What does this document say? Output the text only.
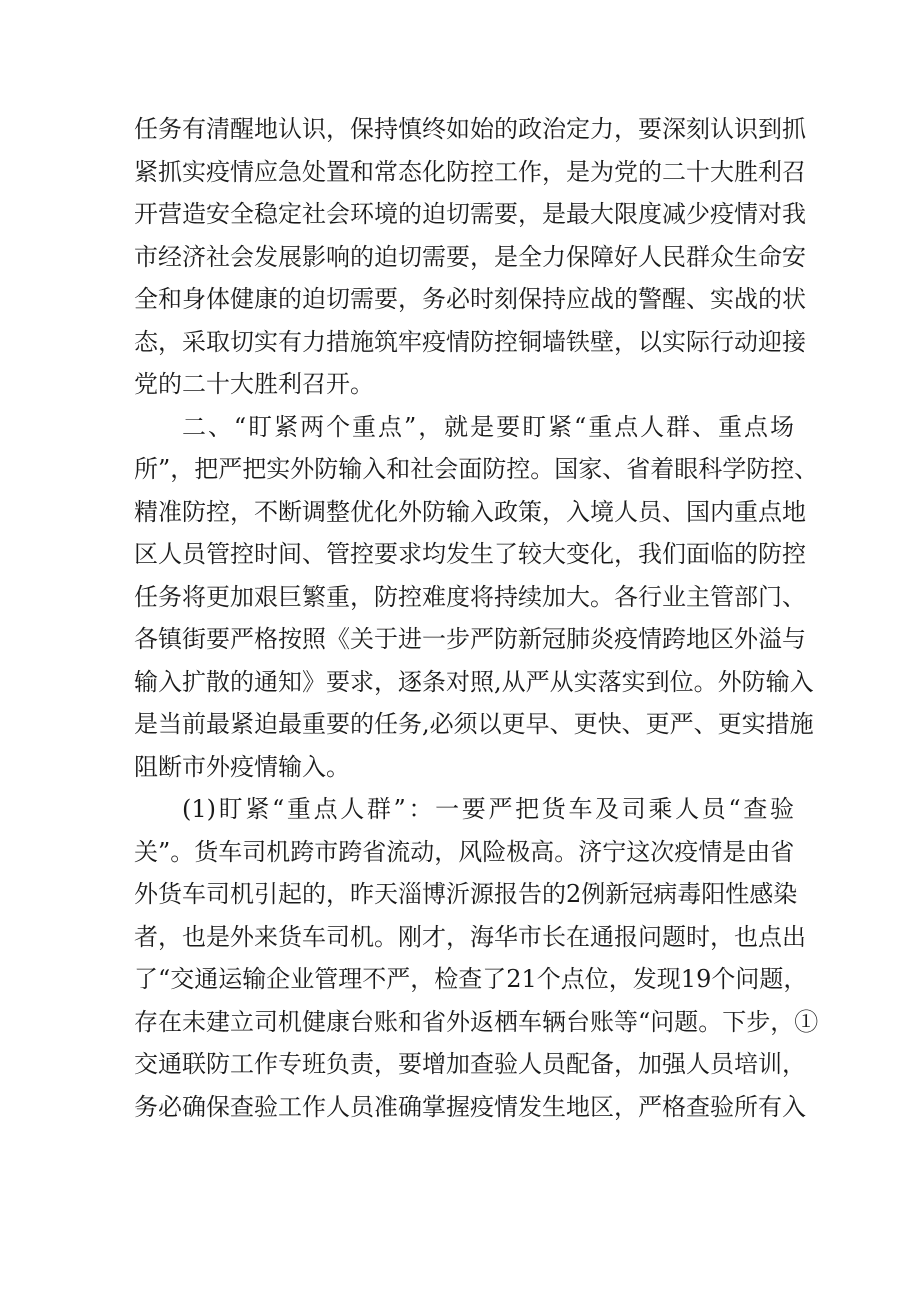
任务有清醒地认识，保持慎终如始的政治定力，要深刻认识到抓
紧抓实疫情应急处置和常态化防控工作，是为党的二十大胜利召
开营造安全稳定社会环境的迫切需要，是最大限度减少疫情对我
市经济社会发展影响的迫切需要，是全力保障好人民群众生命安
全和身体健康的迫切需要，务必时刻保持应战的警醒、实战的状
态，采取切实有力措施筑牢疫情防控铜墙铁壁，以实际行动迎接
党的二十大胜利召开。
二、“盯紧两个重点”，就是要盯紧“重点人群、重点场
所”，把严把实外防输入和社会面防控。国家、省着眼科学防控、
精准防控，不断调整优化外防输入政策，入境人员、国内重点地
区人员管控时间、管控要求均发生了较大变化，我们面临的防控
任务将更加艰巨繁重，防控难度将持续加大。各行业主管部门、
各镇街要严格按照《关于进一步严防新冠肺炎疫情跨地区外溢与
输入扩散的通知》要求，逐条对照,从严从实落实到位。外防输入
是当前最紧迫最重要的任务,必须以更早、更快、更严、更实措施
阻断市外疫情输入。
(1)盯紧“重点人群”：一要严把货车及司乘人员“查验
关”。货车司机跨市跨省流动，风险极高。济宁这次疫情是由省
外货车司机引起的，昨天淄博沂源报告的2例新冠病毒阳性感染
者，也是外来货车司机。刚才，海华市长在通报问题时，也点出
了“交通运输企业管理不严，检查了21个点位，发现19个问题，
存在未建立司机健康台账和省外返栖车辆台账等“问题。下步，①
交通联防工作专班负责，要增加查验人员配备，加强人员培训，
务必确保查验工作人员准确掌握疫情发生地区，严格查验所有入
